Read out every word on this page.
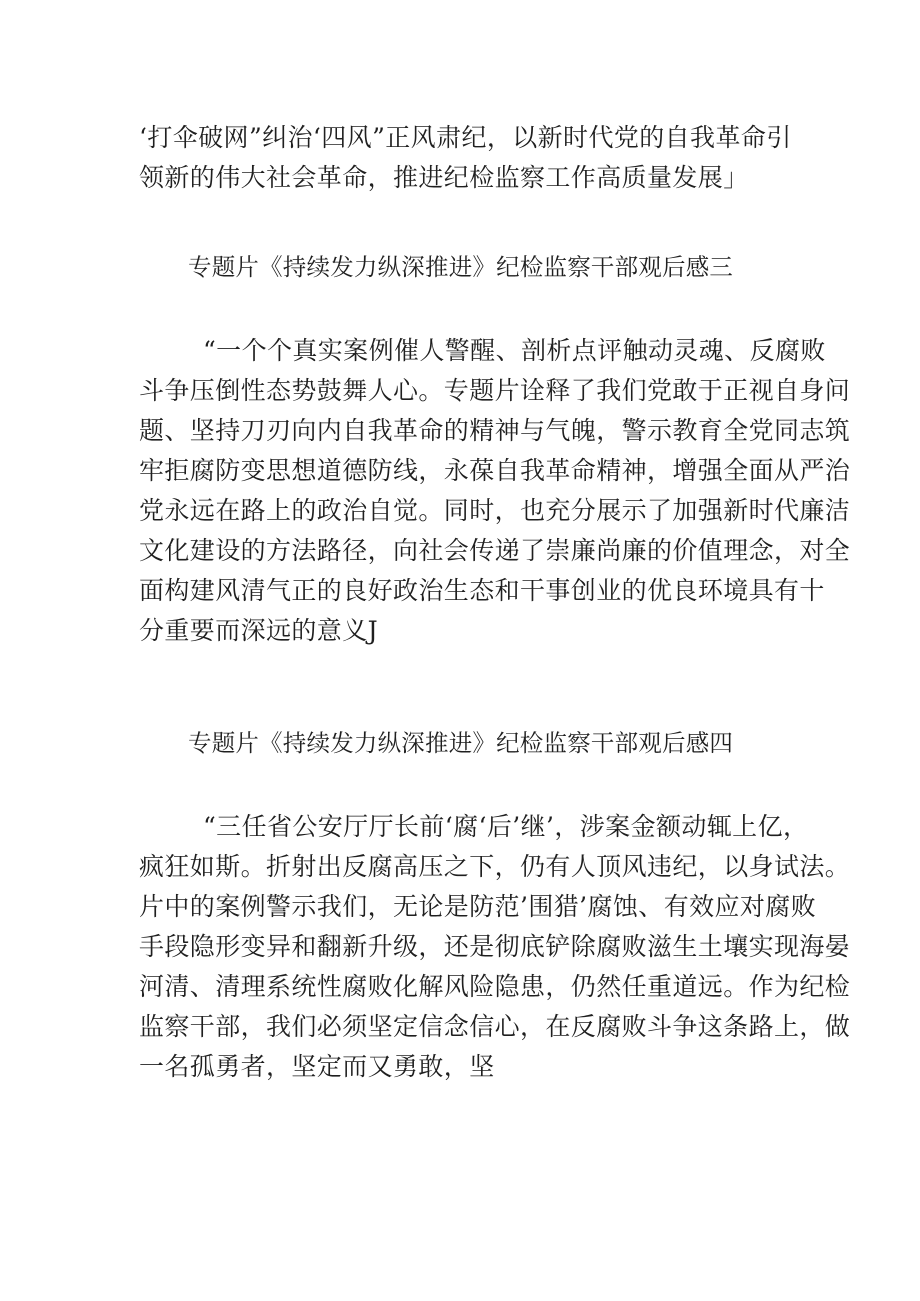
‘打伞破网”纠治‘四风”正风肃纪，以新时代党的自我革命引
领新的伟大社会革命，推进纪检监察工作高质量发展」

专题片《持续发力纵深推进》纪检监察干部观后感三

“一个个真实案例催人警醒、剖析点评触动灵魂、反腐败
斗争压倒性态势鼓舞人心。专题片诠释了我们党敢于正视自身问
题、坚持刀刃向内自我革命的精神与气魄，警示教育全党同志筑
牢拒腐防变思想道德防线，永葆自我革命精神，增强全面从严治
党永远在路上的政治自觉。同时，也充分展示了加强新时代廉洁
文化建设的方法路径，向社会传递了崇廉尚廉的价值理念，对全
面构建风清气正的良好政治生态和干事创业的优良环境具有十
分重要而深远的意义J

专题片《持续发力纵深推进》纪检监察干部观后感四

“三任省公安厅厅长前‘腐‘后’继’，涉案金额动辄上亿，
疯狂如斯。折射出反腐高压之下，仍有人顶风违纪，以身试法。
片中的案例警示我们，无论是防范’围猎’腐蚀、有效应对腐败
手段隐形变异和翻新升级，还是彻底铲除腐败滋生土壤实现海晏
河清、清理系统性腐败化解风险隐患，仍然任重道远。作为纪检
监察干部，我们必须坚定信念信心，在反腐败斗争这条路上，做
一名孤勇者，坚定而又勇敢，坚
